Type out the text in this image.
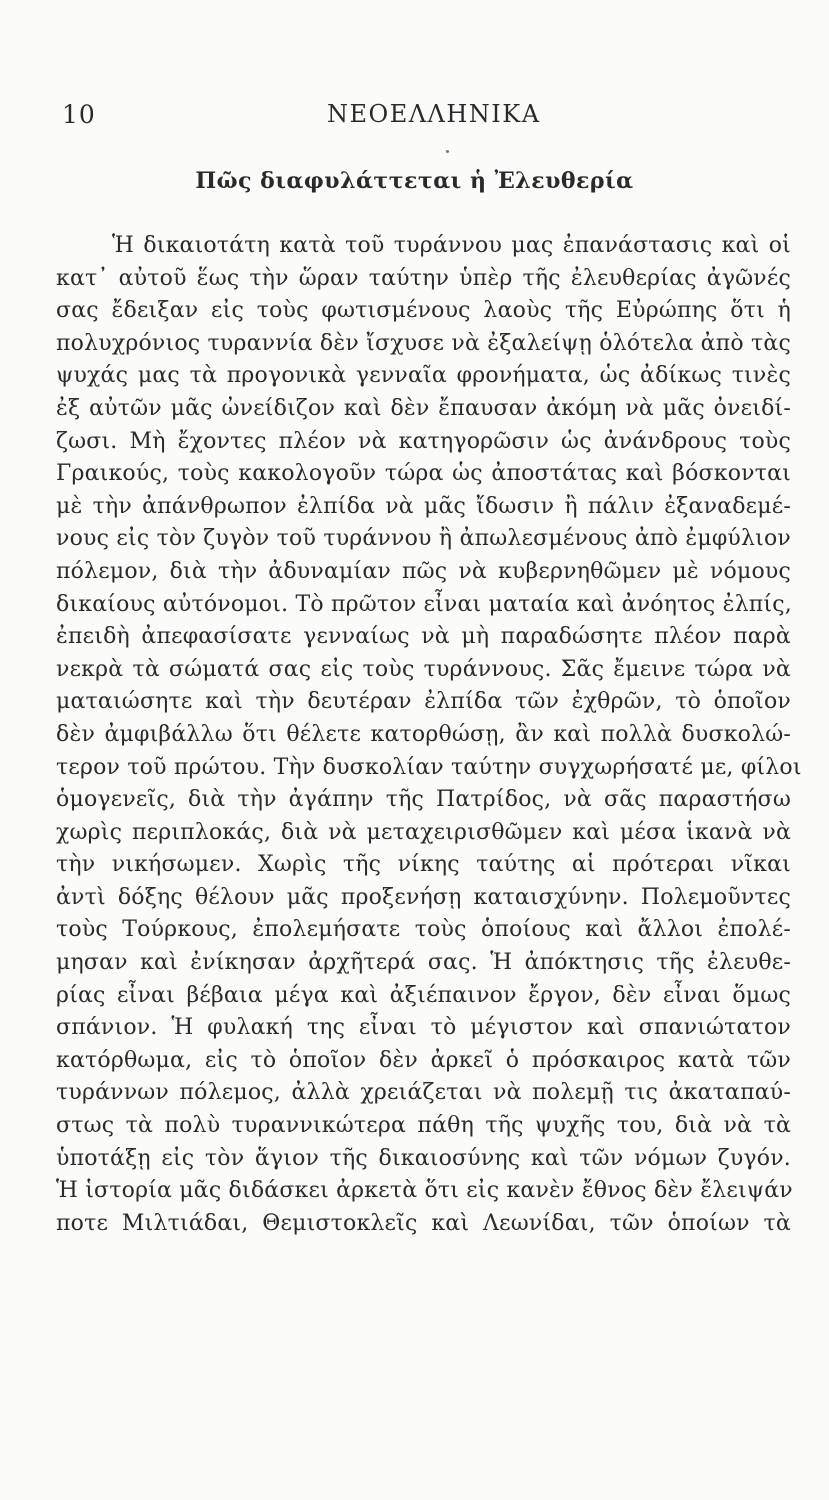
10	ΝΕΟΕΛΛΗΝΙΚΑ
Πῶς διαφυλάττεται ἡ Ἐλευθερία
Ἡ δικαιοτάτη κατὰ τοῦ τυράννου μας ἐπανάστασις καὶ οἱ
κατ᾽ αὐτοῦ ἕως τὴν ὥραν ταύτην ὑπὲρ τῆς ἐλευθερίας ἀγῶνές
σας ἔδειξαν εἰς τοὺς φωτισμένους λαοὺς τῆς Εὐρώπης ὅτι ἡ
πολυχρόνιος τυραννία δὲν ἴσχυσε νὰ ἐξαλείψῃ ὁλότελα ἀπὸ τὰς
ψυχάς μας τὰ προγονικὰ γενναῖα φρονήματα, ὡς ἀδίκως τινὲς
ἐξ αὐτῶν μᾶς ὠνείδιζον καὶ δὲν ἔπαυσαν ἀκόμη νὰ μᾶς ὀνειδί-
ζωσι. Μὴ ἔχοντες πλέον νὰ κατηγορῶσιν ὡς ἀνάνδρους τοὺς
Γραικούς, τοὺς κακολογοῦν τώρα ὡς ἀποστάτας καὶ βόσκονται
μὲ τὴν ἀπάνθρωπον ἐλπίδα νὰ μᾶς ἴδωσιν ἢ πάλιν ἐξαναδεμέ-
νους εἰς τὸν ζυγὸν τοῦ τυράννου ἢ ἀπωλεσμένους ἀπὸ ἐμφύλιον
πόλεμον, διὰ τὴν ἀδυναμίαν πῶς νὰ κυβερνηθῶμεν μὲ νόμους
δικαίους αὐτόνομοι. Τὸ πρῶτον εἶναι ματαία καὶ ἀνόητος ἐλπίς,
ἐπειδὴ ἀπεφασίσατε γενναίως νὰ μὴ παραδώσητε πλέον παρὰ
νεκρὰ τὰ σώματά σας εἰς τοὺς τυράννους. Σᾶς ἔμεινε τώρα νὰ
ματαιώσητε καὶ τὴν δευτέραν ἐλπίδα τῶν ἐχθρῶν, τὸ ὁποῖον
δὲν ἀμφιβάλλω ὅτι θέλετε κατορθώσῃ, ἂν καὶ πολλὰ δυσκολώ-
τερον τοῦ πρώτου. Τὴν δυσκολίαν ταύτην συγχωρήσατέ με, φίλοι
ὁμογενεῖς, διὰ τὴν ἀγάπην τῆς Πατρίδος, νὰ σᾶς παραστήσω
χωρὶς περιπλοκάς, διὰ νὰ μεταχειρισθῶμεν καὶ μέσα ἱκανὰ νὰ
τὴν νικήσωμεν. Χωρὶς τῆς νίκης ταύτης αἱ πρότεραι νῖκαι
ἀντὶ δόξης θέλουν μᾶς προξενήσῃ καταισχύνην. Πολεμοῦντες
τοὺς Τούρκους, ἐπολεμήσατε τοὺς ὁποίους καὶ ἄλλοι ἐπολέ-
μησαν καὶ ἐνίκησαν ἀρχῆτερά σας. Ἡ ἀπόκτησις τῆς ἐλευθε-
ρίας εἶναι βέβαια μέγα καὶ ἀξιέπαινον ἔργον, δὲν εἶναι ὅμως
σπάνιον. Ἡ φυλακή της εἶναι τὸ μέγιστον καὶ σπανιώτατον
κατόρθωμα, εἰς τὸ ὁποῖον δὲν ἀρκεῖ ὁ πρόσκαιρος κατὰ τῶν
τυράννων πόλεμος, ἀλλὰ χρειάζεται νὰ πολεμῇ τις ἀκαταπαύ-
στως τὰ πολὺ τυραννικώτερα πάθη τῆς ψυχῆς του, διὰ νὰ τὰ
ὑποτάξῃ εἰς τὸν ἅγιον τῆς δικαιοσύνης καὶ τῶν νόμων ζυγόν.
Ἡ ἱστορία μᾶς διδάσκει ἀρκετὰ ὅτι εἰς κανὲν ἔθνος δὲν ἔλειψάν
ποτε Μιλτιάδαι, Θεμιστοκλεῖς καὶ Λεωνίδαι, τῶν ὁποίων τὰ
